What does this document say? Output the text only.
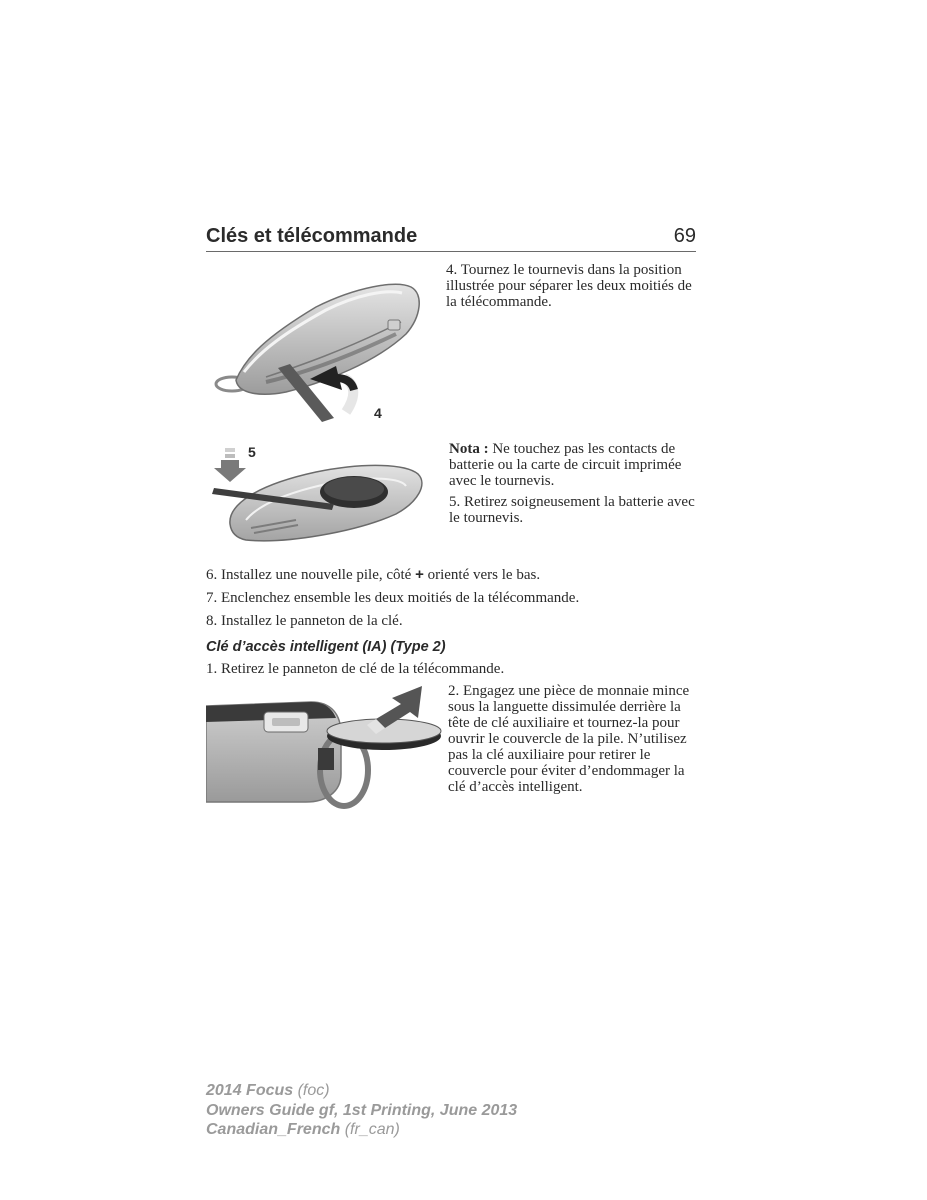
Clés et télécommande	69
4
4. Tournez le tournevis dans la position illustrée pour séparer les deux moitiés de la télécommande.
5	Nota : Ne touchez pas les contacts de batterie ou la carte de circuit imprimée avec le tournevis.
5. Retirez soigneusement la batterie avec le tournevis.
6. Installez une nouvelle pile, côté + orienté vers le bas.
7. Enclenchez ensemble les deux moitiés de la télécommande.
8. Installez le panneton de la clé.
Clé d’accès intelligent (IA) (Type 2)
1. Retirez le panneton de clé de la télécommande.
2. Engagez une pièce de monnaie mince sous la languette dissimulée derrière la tête de clé auxiliaire et tournez-la pour ouvrir le couvercle de la pile. N’utilisez pas la clé auxiliaire pour retirer le couvercle pour éviter d’endommager la clé d’accès intelligent.
2014 Focus (foc)
Owners Guide gf, 1st Printing, June 2013
Canadian_French (fr_can)
